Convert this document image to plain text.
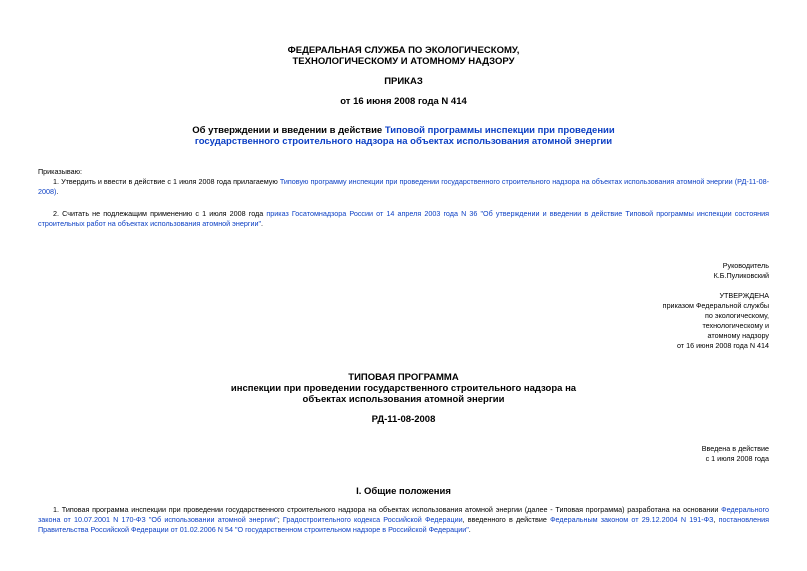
ФЕДЕРАЛЬНАЯ СЛУЖБА ПО ЭКОЛОГИЧЕСКОМУ,
ТЕХНОЛОГИЧЕСКОМУ И АТОМНОМУ НАДЗОРУ
ПРИКАЗ
от 16 июня 2008 года N 414
Об утверждении и введении в действие Типовой программы инспекции при проведении
государственного строительного надзора на объектах использования атомной энергии
Приказываю:
1. Утвердить и ввести в действие с 1 июля 2008 года прилагаемую Типовую программу инспекции при проведении государственного строительного надзора на объектах использования атомной энергии (РД-11-08-2008).
2. Считать не подлежащим применению с 1 июля 2008 года приказ Госатомнадзора России от 14 апреля 2003 года N 36 "Об утверждении и введении в действие Типовой программы инспекции состояния строительных работ на объектах использования атомной энергии".
Руководитель
К.Б.Пуликовский
УТВЕРЖДЕНА
приказом Федеральной службы
по экологическому,
технологическому и
атомному надзору
от 16 июня 2008 года N 414
ТИПОВАЯ ПРОГРАММА
инспекции при проведении государственного строительного надзора на
объектах использования атомной энергии
РД-11-08-2008
Введена в действие
с 1 июля 2008 года
I. Общие положения
1. Типовая программа инспекции при проведении государственного строительного надзора на объектах использования атомной энергии (далее - Типовая программа) разработана на основании Федерального закона от 10.07.2001 N 170-ФЗ "Об использовании атомной энергии"; Градостроительного кодекса Российской Федерации, введенного в действие Федеральным законом от 29.12.2004 N 191-ФЗ, постановления Правительства Российской Федерации от 01.02.2006 N 54 "О государственном строительном надзоре в Российской Федерации".
